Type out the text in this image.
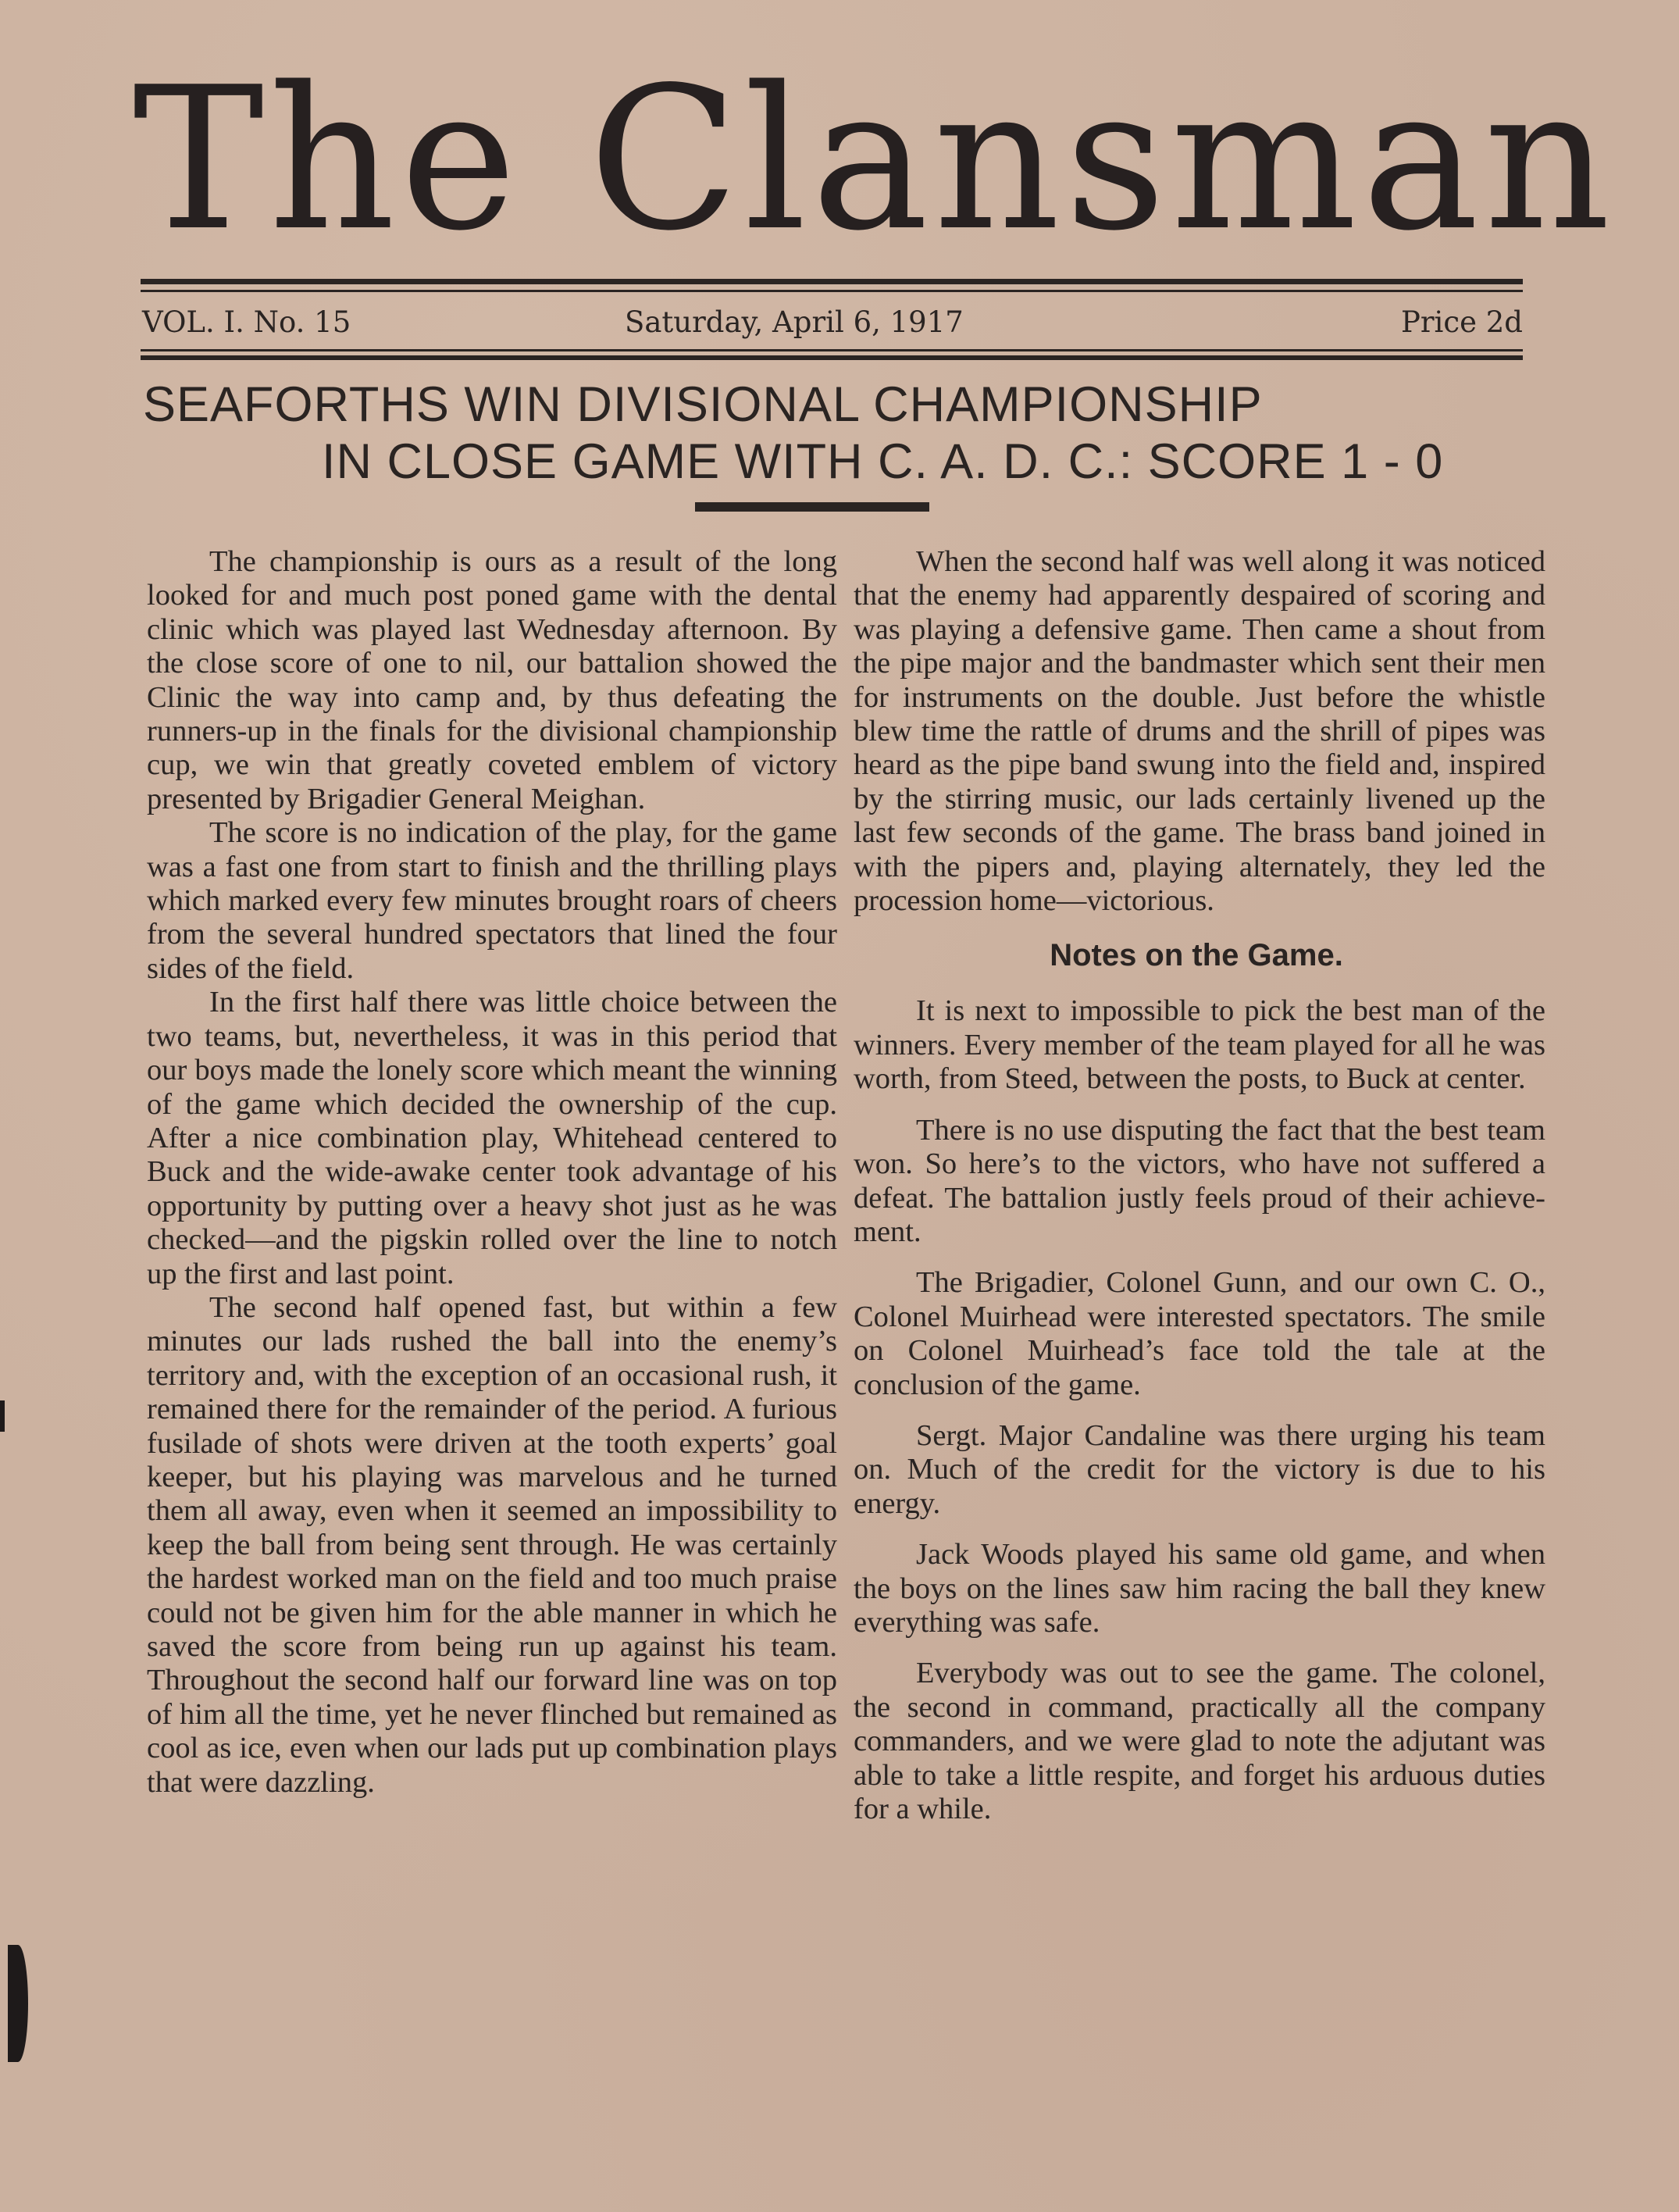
The Clansman
VOL. I. No. 15	Saturday, April 6, 1917	Price 2d
SEAFORTHS WIN DIVISIONAL CHAMPIONSHIP
IN CLOSE GAME WITH C. A. D. C.: SCORE 1 - 0

The championship is ours as a result of the long looked for and much post poned game with the dental clinic which was played last Wednesday afternoon. By the close score of one to nil, our battalion showed the Clinic the way into camp and, by thus defeating the runners-up in the finals for the divisional championship cup, we win that greatly coveted emblem of victory presented by Brigadier General Meighan.

The score is no indication of the play, for the game was a fast one from start to finish and the thrilling plays which marked every few minutes brought roars of cheers from the several hundred spectators that lined the four sides of the field.

In the first half there was little choice between the two teams, but, nevertheless, it was in this period that our boys made the lonely score which meant the winning of the game which decided the ownership of the cup. After a nice combination play, Whitehead centered to Buck and the wide-awake center took advantage of his opportunity by putting over a heavy shot just as he was checked—and the pigskin rolled over the line to notch up the first and last point.

The second half opened fast, but within a few minutes our lads rushed the ball into the enemy’s territory and, with the exception of an occasional rush, it remained there for the remainder of the period. A furious fusilade of shots were driven at the tooth experts’ goal keeper, but his playing was marvelous and he turned them all away, even when it seemed an impossibility to keep the ball from being sent through. He was certainly the hardest worked man on the field and too much praise could not be given him for the able manner in which he saved the score from being run up against his team. Throughout the second half our forward line was on top of him all the time, yet he never flinched but remained as cool as ice, even when our lads put up combination plays that were dazzling.

When the second half was well along it was noticed that the enemy had apparently despaired of scoring and was playing a defensive game. Then came a shout from the pipe major and the bandmaster which sent their men for instruments on the double. Just before the whistle blew time the rattle of drums and the shrill of pipes was heard as the pipe band swung into the field and, inspired by the stirring music, our lads certainly livened up the last few seconds of the game. The brass band joined in with the pipers and, playing alternately, they led the procession home—victorious.

Notes on the Game.

It is next to impossible to pick the best man of the winners. Every member of the team played for all he was worth, from Steed, between the posts, to Buck at center.

There is no use disputing the fact that the best team won. So here’s to the victors, who have not suffered a defeat. The battalion justly feels proud of their achievement.

The Brigadier, Colonel Gunn, and our own C. O., Colonel Muirhead were interested spectators. The smile on Colonel Muirhead’s face told the tale at the conclusion of the game.

Sergt. Major Candaline was there urging his team on. Much of the credit for the victory is due to his energy.

Jack Woods played his same old game, and when the boys on the lines saw him racing the ball they knew everything was safe.

Everybody was out to see the game. The colonel, the second in command, practically all the company commanders, and we were glad to note the adjutant was able to take a little respite, and forget his arduous duties for a while.
